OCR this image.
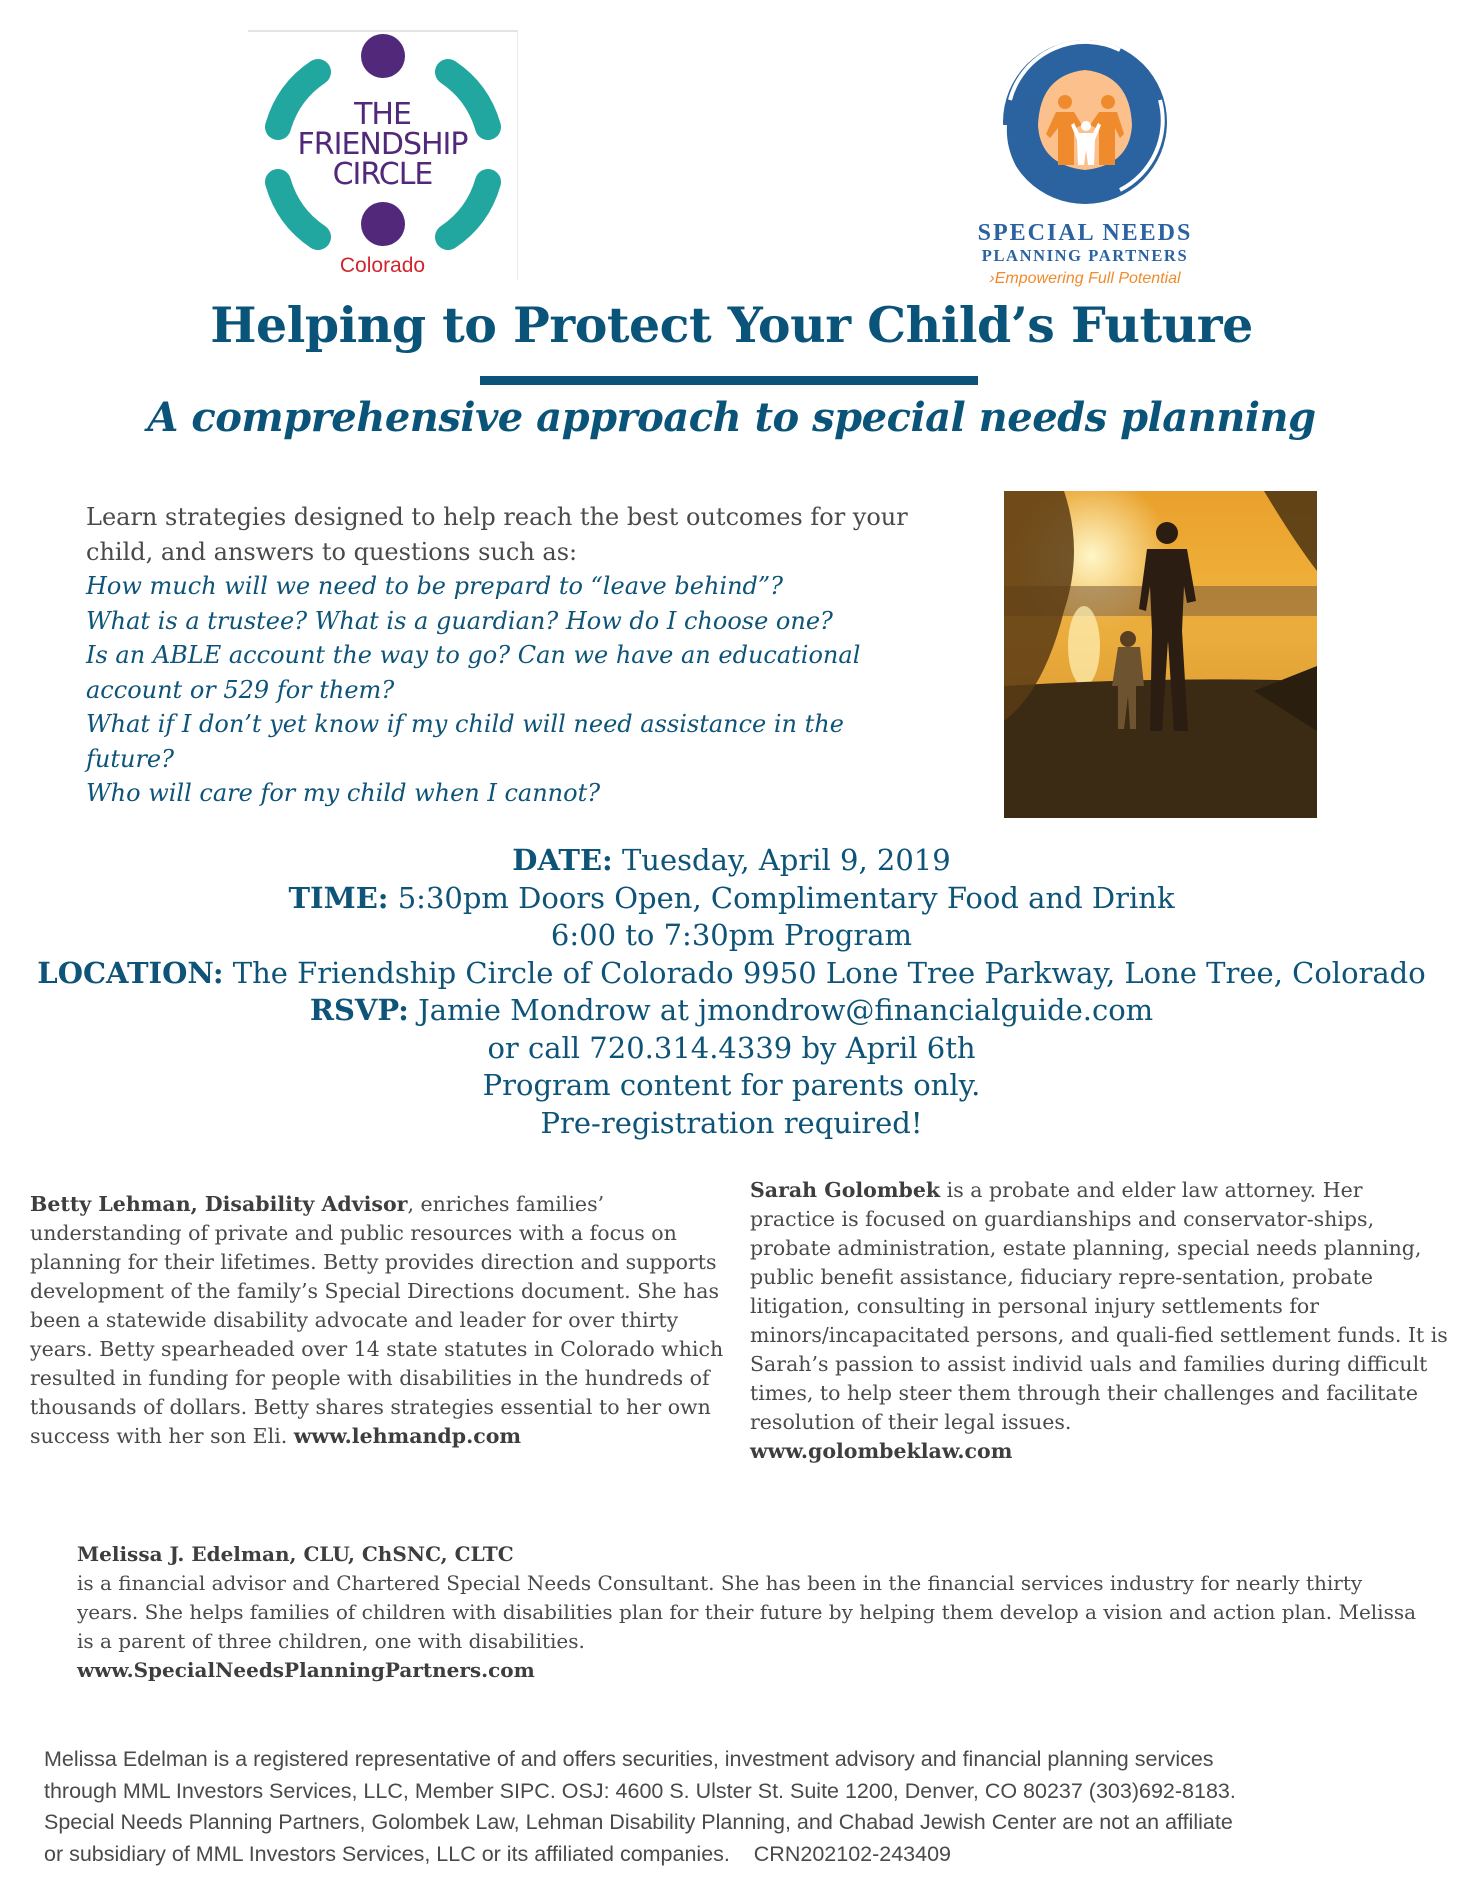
THE
FRIENDSHIP
CIRCLE
Colorado
SPECIAL NEEDS
PLANNING PARTNERS
›Empowering Full Potential
Helping to Protect Your Child’s Future
A comprehensive approach to special needs planning
Learn strategies designed to help reach the best outcomes for your child, and answers to questions such as:
How much will we need to be prepard to “leave behind”?
What is a trustee? What is a guardian? How do I choose one?
Is an ABLE account the way to go? Can we have an educational account or 529 for them?
What if I don’t yet know if my child will need assistance in the future?
Who will care for my child when I cannot?
DATE: Tuesday, April 9, 2019
TIME: 5:30pm Doors Open, Complimentary Food and Drink
6:00 to 7:30pm Program
LOCATION: The Friendship Circle of Colorado 9950 Lone Tree Parkway, Lone Tree, Colorado
RSVP: Jamie Mondrow at jmondrow@financialguide.com
or call 720.314.4339 by April 6th
Program content for parents only.
Pre-registration required!
Betty Lehman, Disability Advisor, enriches families’ understanding of private and public resources with a focus on planning for their lifetimes. Betty provides direction and supports development of the family’s Special Directions document. She has been a statewide disability advocate and leader for over thirty years. Betty spearheaded over 14 state statutes in Colorado which resulted in funding for people with disabilities in the hundreds of thousands of dollars. Betty shares strategies essential to her own success with her son Eli. www.lehmandp.com
Sarah Golombek is a probate and elder law attorney. Her practice is focused on guardianships and conservator-ships, probate administration, estate planning, special needs planning, public benefit assistance, fiduciary repre-sentation, probate litigation, consulting in personal injury settlements for minors/incapacitated persons, and quali-fied settlement funds. It is Sarah’s passion to assist individ uals and families during difficult times, to help steer them through their challenges and facilitate resolution of their legal issues.
www.golombeklaw.com
Melissa J. Edelman, CLU, ChSNC, CLTC
is a financial advisor and Chartered Special Needs Consultant. She has been in the financial services industry for nearly thirty years. She helps families of children with disabilities plan for their future by helping them develop a vision and action plan. Melissa is a parent of three children, one with disabilities.
www.SpecialNeedsPlanningPartners.com
Melissa Edelman is a registered representative of and offers securities, investment advisory and financial planning services
through MML Investors Services, LLC, Member SIPC. OSJ: 4600 S. Ulster St. Suite 1200, Denver, CO 80237 (303)692-8183.
Special Needs Planning Partners, Golombek Law, Lehman Disability Planning, and Chabad Jewish Center are not an affiliate
or subsidiary of MML Investors Services, LLC or its affiliated companies.    CRN202102-243409
